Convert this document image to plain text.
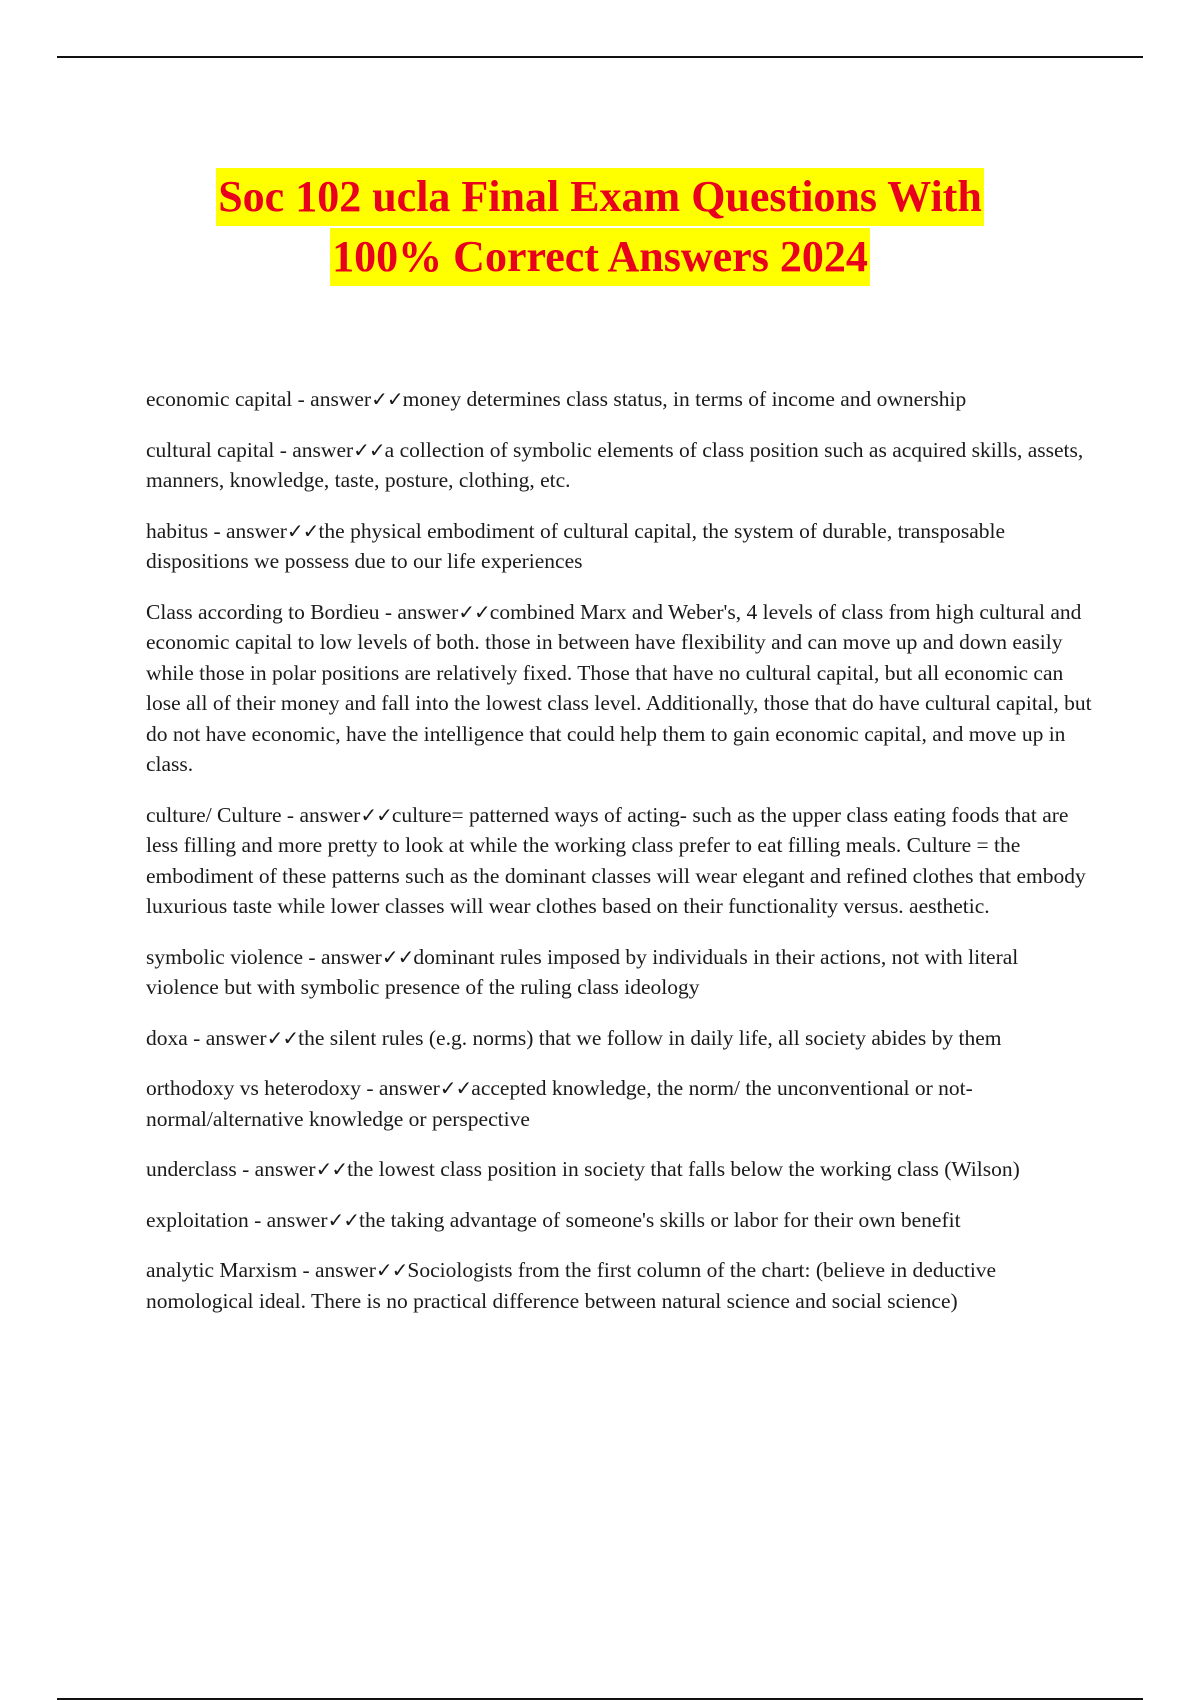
Soc 102 ucla Final Exam Questions With
100% Correct Answers 2024

economic capital - answer✓✓money determines class status, in terms of income and ownership

cultural capital - answer✓✓a collection of symbolic elements of class position such as acquired skills, assets, manners, knowledge, taste, posture, clothing, etc.

habitus - answer✓✓the physical embodiment of cultural capital, the system of durable, transposable dispositions we possess due to our life experiences

Class according to Bordieu - answer✓✓combined Marx and Weber's, 4 levels of class from high cultural and economic capital to low levels of both. those in between have flexibility and can move up and down easily while those in polar positions are relatively fixed. Those that have no cultural capital, but all economic can lose all of their money and fall into the lowest class level. Additionally, those that do have cultural capital, but do not have economic, have the intelligence that could help them to gain economic capital, and move up in class.

culture/ Culture - answer✓✓culture= patterned ways of acting- such as the upper class eating foods that are less filling and more pretty to look at while the working class prefer to eat filling meals. Culture = the embodiment of these patterns such as the dominant classes will wear elegant and refined clothes that embody luxurious taste while lower classes will wear clothes based on their functionality versus. aesthetic.

symbolic violence - answer✓✓dominant rules imposed by individuals in their actions, not with literal violence but with symbolic presence of the ruling class ideology

doxa - answer✓✓the silent rules (e.g. norms) that we follow in daily life, all society abides by them

orthodoxy vs heterodoxy - answer✓✓accepted knowledge, the norm/ the unconventional or not-normal/alternative knowledge or perspective

underclass - answer✓✓the lowest class position in society that falls below the working class (Wilson)

exploitation - answer✓✓the taking advantage of someone's skills or labor for their own benefit

analytic Marxism - answer✓✓Sociologists from the first column of the chart: (believe in deductive nomological ideal. There is no practical difference between natural science and social science)
